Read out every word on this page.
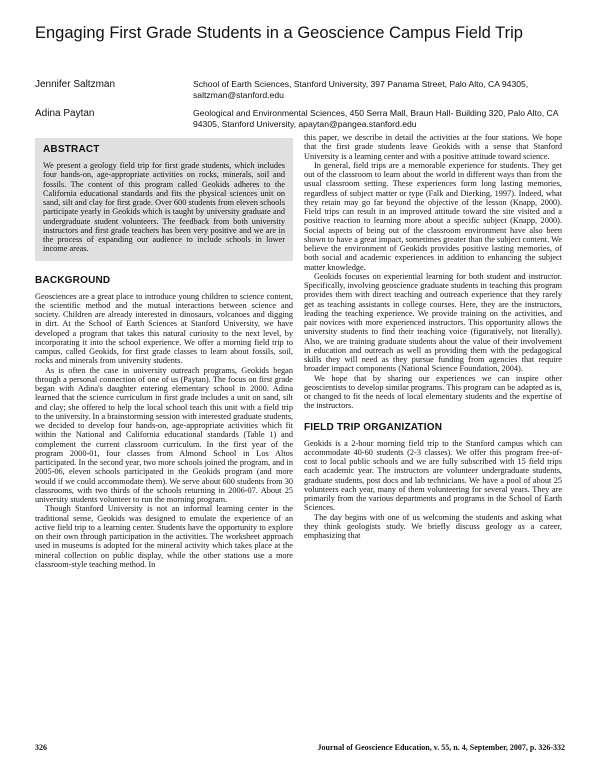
Engaging First Grade Students in a Geoscience Campus Field Trip
Jennifer Saltzman	School of Earth Sciences, Stanford University, 397 Panama Street, Palo Alto, CA 94305, saltzman@stanford.edu
Adina Paytan	Geological and Environmental Sciences, 450 Serra Mall, Braun Hall- Building 320, Palo Alto, CA 94305, Stanford University, apaytan@pangea.stanford.edu
ABSTRACT

We present a geology field trip for first grade students, which includes four hands-on, age-appropriate activities on rocks, minerals, soil and fossils. The content of this program called Geokids adheres to the California educational standards and fits the physical sciences unit on sand, silt and clay for first grade. Over 600 students from eleven schools participate yearly in Geokids which is taught by university graduate and undergraduate student volunteers. The feedback from both university instructors and first grade teachers has been very positive and we are in the process of expanding our audience to include schools in lower income areas.

BACKGROUND

Geosciences are a great place to introduce young children to science content, the scientific method and the mutual interactions between science and society. Children are already interested in dinosaurs, volcanoes and digging in dirt. At the School of Earth Sciences at Stanford University, we have developed a program that takes this natural curiosity to the next level, by incorporating it into the school experience. We offer a morning field trip to campus, called Geokids, for first grade classes to learn about fossils, soil, rocks and minerals from university students.

As is often the case in university outreach programs, Geokids began through a personal connection of one of us (Paytan). The focus on first grade began with Adina's daughter entering elementary school in 2000. Adina learned that the science curriculum in first grade includes a unit on sand, silt and clay; she offered to help the local school teach this unit with a field trip to the university. In a brainstorming session with interested graduate students, we decided to develop four hands-on, age-appropriate activities which fit within the National and California educational standards (Table 1) and complement the current classroom curriculum. In the first year of the program 2000-01, four classes from Almond School in Los Altos participated. In the second year, two more schools joined the program, and in 2005-06, eleven schools participated in the Geokids program (and more would if we could accommodate them). We serve about 600 students from 30 classrooms, with two thirds of the schools returning in 2006-07. About 25 university students volunteer to run the morning program.

Though Stanford University is not an informal learning center in the traditional sense, Geokids was designed to emulate the experience of an active field trip to a learning center. Students have the opportunity to explore on their own through participation in the activities. The worksheet approach used in museums is adopted for the mineral activity which takes place at the mineral collection on public display, while the other stations use a more classroom-style teaching method. In

this paper, we describe in detail the activities at the four stations. We hope that the first grade students leave Geokids with a sense that Stanford University is a learning center and with a positive attitude toward science.

In general, field trips are a memorable experience for students. They get out of the classroom to learn about the world in different ways than from the usual classroom setting. These experiences form long lasting memories, regardless of subject matter or type (Falk and Dierking, 1997). Indeed, what they retain may go far beyond the objective of the lesson (Knapp, 2000). Field trips can result in an improved attitude toward the site visited and a positive reaction to learning more about a specific subject (Knapp, 2000). Social aspects of being out of the classroom environment have also been shown to have a great impact, sometimes greater than the subject content. We believe the environment of Geokids provides positive lasting memories, of both social and academic experiences in addition to enhancing the subject matter knowledge.

Geokids focuses on experiential learning for both student and instructor. Specifically, involving geoscience graduate students in teaching this program provides them with direct teaching and outreach experience that they rarely get as teaching assistants in college courses. Here, they are the instructors, leading the teaching experience. We provide training on the activities, and pair novices with more experienced instructors. This opportunity allows the university students to find their teaching voice (figuratively, not literally). Also, we are training graduate students about the value of their involvement in education and outreach as well as providing them with the pedagogical skills they will need as they pursue funding from agencies that require broader impact components (National Science Foundation, 2004).

We hope that by sharing our experiences we can inspire other geoscientists to develop similar programs. This program can be adapted as is, or changed to fit the needs of local elementary students and the expertise of the instructors.

FIELD TRIP ORGANIZATION

Geokids is a 2-hour morning field trip to the Stanford campus which can accommodate 40-60 students (2-3 classes). We offer this program free-of-cost to local public schools and we are fully subscribed with 15 field trips each academic year. The instructors are volunteer undergraduate students, graduate students, post docs and lab technicians. We have a pool of about 25 volunteers each year, many of them volunteering for several years. They are primarily from the various departments and programs in the School of Earth Sciences.

The day begins with one of us welcoming the students and asking what they think geologists study. We briefly discuss geology as a career, emphasizing that

326	Journal of Geoscience Education, v. 55, n. 4, September, 2007, p. 326-332
